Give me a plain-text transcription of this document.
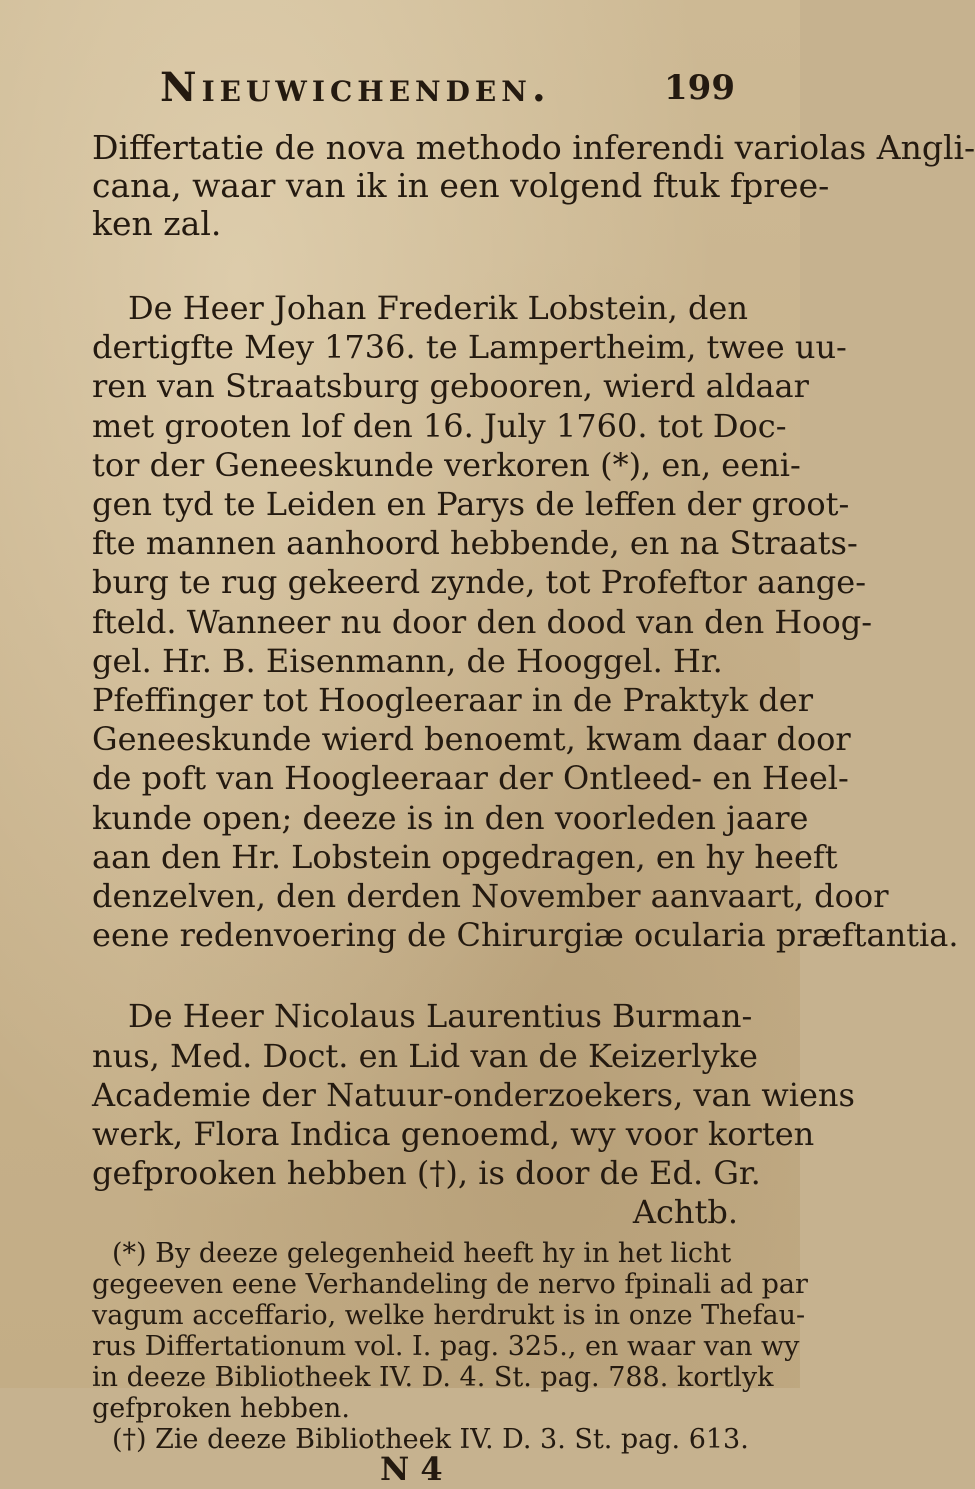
Nieuwichenden.	199
Differtatie de nova methodo inferendi variolas Angli-
cana, waar van ik in een volgend ftuk fpree-
ken zal.
De Heer Johan Frederik Lobstein, den
dertigfte Mey 1736. te Lampertheim, twee uu-
ren van Straatsburg gebooren, wierd aldaar
met grooten lof den 16. July 1760. tot Doc-
tor der Geneeskunde verkoren (*), en, eeni-
gen tyd te Leiden en Parys de leffen der groot-
fte mannen aanhoord hebbende, en na Straats-
burg te rug gekeerd zynde, tot Profeftor aange-
fteld. Wanneer nu door den dood van den Hoog-
gel. Hr. B. Eisenmann, de Hooggel. Hr.
Pfeffinger tot Hoogleeraar in de Praktyk der
Geneeskunde wierd benoemt, kwam daar door
de poft van Hoogleeraar der Ontleed- en Heel-
kunde open; deeze is in den voorleden jaare
aan den Hr. Lobstein opgedragen, en hy heeft
denzelven, den derden November aanvaart, door
eene redenvoering de Chirurgiæ ocularia præftantia.
De Heer Nicolaus Laurentius Burman-
nus, Med. Doct. en Lid van de Keizerlyke
Academie der Natuur-onderzoekers, van wiens
werk, Flora Indica genoemd, wy voor korten
gefprooken hebben (†), is door de Ed. Gr.
Achtb.
(*) By deeze gelegenheid heeft hy in het licht
gegeeven eene Verhandeling de nervo fpinali ad par
vagum acceffario, welke herdrukt is in onze Thefau-
rus Differtationum vol. I. pag. 325., en waar van wy
in deeze Bibliotheek IV. D. 4. St. pag. 788. kortlyk
gefproken hebben.
(†) Zie deeze Bibliotheek IV. D. 3. St. pag. 613.
N 4
